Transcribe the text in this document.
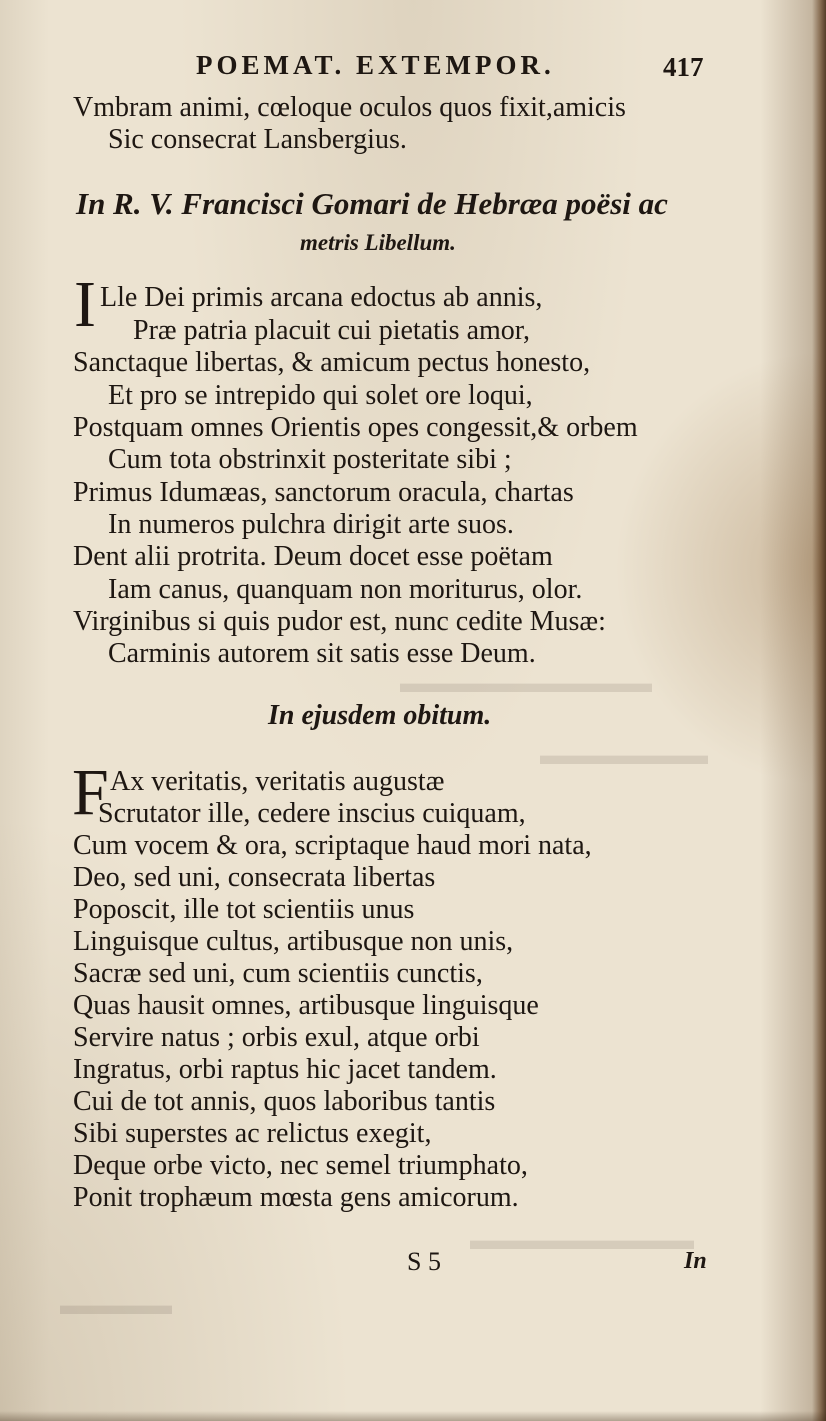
▬▬▬▬▬▬▬▬▬
▬▬▬▬▬▬
▬▬▬▬
▬▬▬▬▬▬▬▬
POEMAT. EXTEMPOR.	417
Vmbram animi, cœloque oculos quos fixit,amicis
Sic consecrat Lansbergius.
In R. V. Francisci Gomari de Hebræa poësi ac
metris Libellum.
I Lle Dei primis arcana edoctus ab annis,
Præ patria placuit cui pietatis amor,
Sanctaque libertas, & amicum pectus honesto,
Et pro se intrepido qui solet ore loqui,
Postquam omnes Orientis opes congessit,& orbem
Cum tota obstrinxit posteritate sibi ;
Primus Idumæas, sanctorum oracula, chartas
In numeros pulchra dirigit arte suos.
Dent alii protrita. Deum docet esse poëtam
Iam canus, quanquam non moriturus, olor.
Virginibus si quis pudor est, nunc cedite Musæ:
Carminis autorem sit satis esse Deum.
In ejusdem obitum.
F Ax veritatis, veritatis augustæ
Scrutator ille, cedere inscius cuiquam,
Cum vocem & ora, scriptaque haud mori nata,
Deo, sed uni, consecrata libertas
Poposcit, ille tot scientiis unus
Linguisque cultus, artibusque non unis,
Sacræ sed uni, cum scientiis cunctis,
Quas hausit omnes, artibusque linguisque
Servire natus ; orbis exul, atque orbi
Ingratus, orbi raptus hic jacet tandem.
Cui de tot annis, quos laboribus tantis
Sibi superstes ac relictus exegit,
Deque orbe victo, nec semel triumphato,
Ponit trophæum mœsta gens amicorum.
S 5	In
